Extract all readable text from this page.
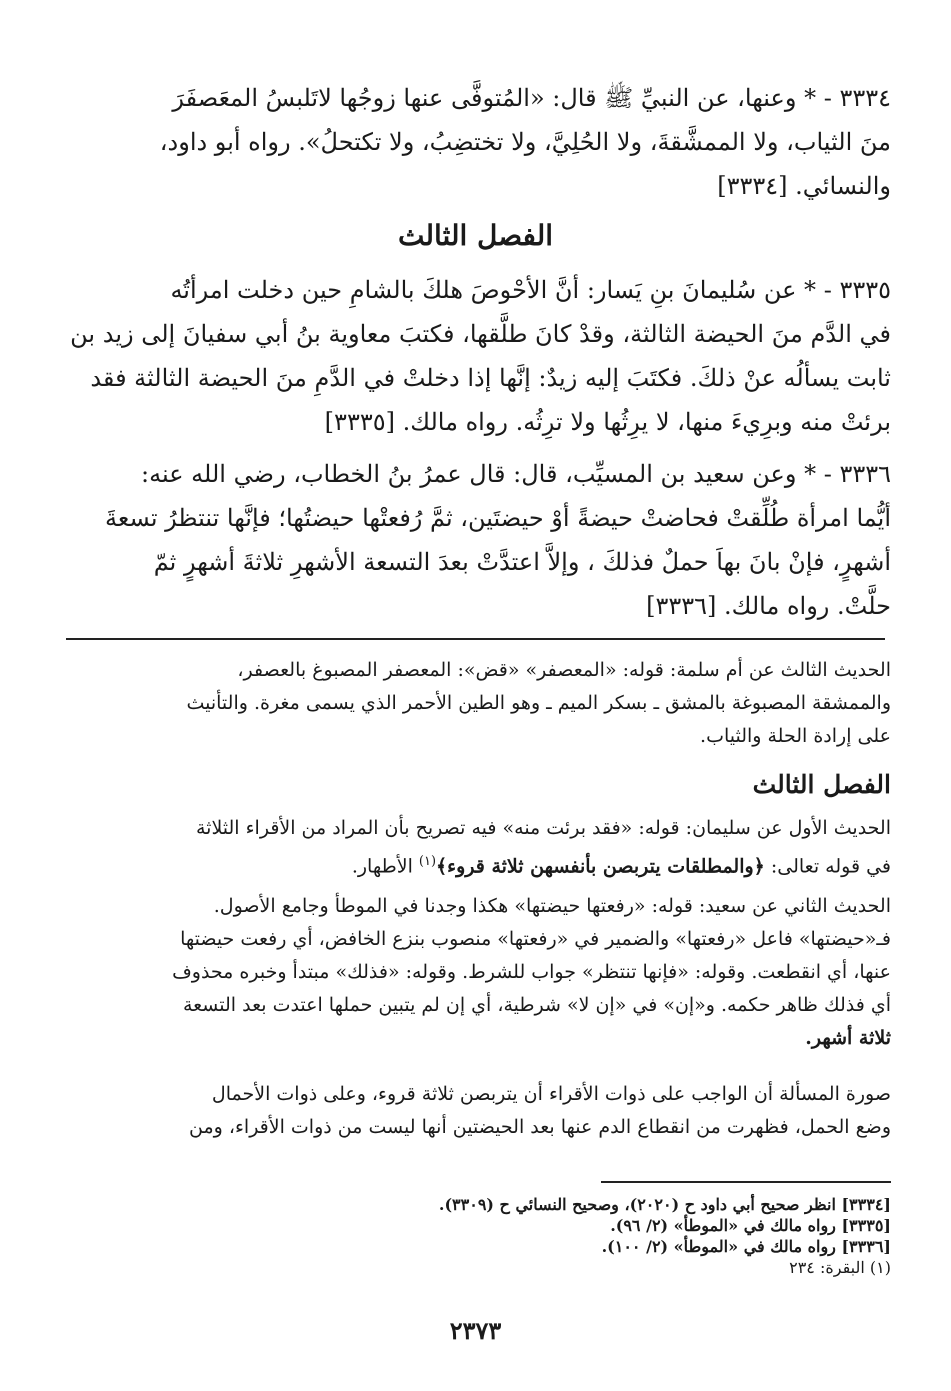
٣٣٣٤ - * وعنها، عن النبيِّ ﷺ قال: «المُتوفَّى عنها زوجُها لاتَلبسُ المعَصفَرَ
منَ الثياب، ولا الممشَّقةَ، ولا الحُلِيَّ، ولا تختضِبُ، ولا تكتحلُ». رواه أبو داود،
والنسائي. [٣٣٣٤]
الفصل الثالث
٣٣٣٥ - * عن سُليمانَ بنِ يَسار: أنَّ الأحْوصَ هلكَ بالشامِ حين دخلت امرأتُه
في الدَّم منَ الحيضة الثالثة، وقدْ كانَ طلَّقها، فكتبَ معاوية بنُ أبي سفيانَ إلى زيد بن
ثابت يسألُه عنْ ذلكَ. فكتَبَ إليه زيدٌ: إنَّها إذا دخلتْ في الدَّمِ منَ الحيضة الثالثة فقد
برئتْ منه وبرِيءَ منها، لا يرِثُها ولا ترِثُه. رواه مالك. [٣٣٣٥]
٣٣٣٦ - * وعن سعيد بن المسيِّب، قال: قال عمرُ بنُ الخطاب، رضي الله عنه:
أيُّما امرأة طُلِّقتْ فحاضتْ حيضةً أوْ حيضتَين، ثمَّ رُفعتْها حيضتُها؛ فإنَّها تنتظرُ تسعةَ
أشهرٍ، فإنْ بانَ بهاَ حملٌ فذلكَ ، وإلاَّ اعتدَّتْ بعدَ التسعة الأشهرِ ثلاثةَ أشهرٍ ثمّ
حلَّتْ. رواه مالك. [٣٣٣٦]
الحديث الثالث عن أم سلمة: قوله: «المعصفر» «قض»: المعصفر المصبوغ بالعصفر،
والممشقة المصبوغة بالمشق ـ بسكر الميم ـ وهو الطين الأحمر الذي يسمى مغرة. والتأنيث
على إرادة الحلة والثياب.
الفصل الثالث
الحديث الأول عن سليمان: قوله: «فقد برئت منه» فيه تصريح بأن المراد من الأقراء الثلاثة
في قوله تعالى: ﴿والمطلقات يتربصن بأنفسهن ثلاثة قروء﴾$^{(١)}$ الأطهار.
الحديث الثاني عن سعيد: قوله: «رفعتها حيضتها» هكذا وجدنا في الموطأ وجامع الأصول.
فـ«حيضتها» فاعل «رفعتها» والضمير في «رفعتها» منصوب بنزع الخافض، أي رفعت حيضتها
عنها، أي انقطعت. وقوله: «فإنها تنتظر» جواب للشرط. وقوله: «فذلك» مبتدأ وخبره محذوف
أي فذلك ظاهر حكمه. و«إن» في «إن لا» شرطية، أي إن لم يتبين حملها اعتدت بعد التسعة
ثلاثة أشهر.
صورة المسألة أن الواجب على ذوات الأقراء أن يتربصن ثلاثة قروء، وعلى ذوات الأحمال
وضع الحمل، فظهرت من انقطاع الدم عنها بعد الحيضتين أنها ليست من ذوات الأقراء، ومن
[٣٣٣٤] انظر صحيح أبي داود ح (٢٠٢٠)، وصحيح النسائي ح (٣٣٠٩).
[٣٣٣٥] رواه مالك في «الموطأ» (٢/ ٩٦).
[٣٣٣٦] رواه مالك في «الموطأ» (٢/ ١٠٠).
(١) البقرة: ٢٣٤
٢٣٧٣
